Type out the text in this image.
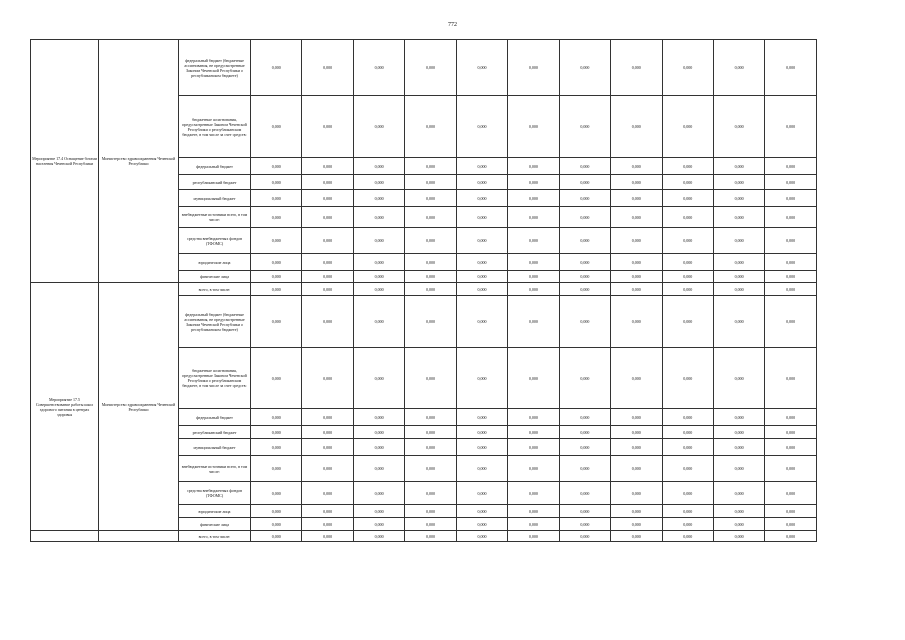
772
Мероприятие 17.4 Оснащение ботами населения Чеченской Республики	Министерство здравоохранения Чеченской Республики	федеральный бюджет (бюджетные ассигнования, не предусмотренные Законом Чеченской Республики о республиканском бюджете)	0,000	0,000	0,000	0,000	0,000	0,000	0,000	0,000	0,000	0,000	0,000
		бюджетные ассигнования, предусмотренные Законом Чеченской Республики о республиканском бюджете, в том числе за счет средств:	0,000	0,000	0,000	0,000	0,000	0,000	0,000	0,000	0,000	0,000	0,000
		федеральный бюджет	0,000	0,000	0,000	0,000	0,000	0,000	0,000	0,000	0,000	0,000	0,000
		республиканский бюджет	0,000	0,000	0,000	0,000	0,000	0,000	0,000	0,000	0,000	0,000	0,000
		муниципальный бюджет	0,000	0,000	0,000	0,000	0,000	0,000	0,000	0,000	0,000	0,000	0,000
		внебюджетные источники всего, в том числе:	0,000	0,000	0,000	0,000	0,000	0,000	0,000	0,000	0,000	0,000	0,000
		средства внебюджетных фондов (ТФОМС)	0,000	0,000	0,000	0,000	0,000	0,000	0,000	0,000	0,000	0,000	0,000
		юридические лица	0,000	0,000	0,000	0,000	0,000	0,000	0,000	0,000	0,000	0,000	0,000
		физические лица	0,000	0,000	0,000	0,000	0,000	0,000	0,000	0,000	0,000	0,000	0,000
Мероприятие 17.5 Совершенствование работы школ здорового питания в центрах здоровья	Министерство здравоохранения Чеченской Республики	всего, в том числе:	0,000	0,000	0,000	0,000	0,000	0,000	0,000	0,000	0,000	0,000	0,000
		федеральный бюджет (бюджетные ассигнования, не предусмотренные Законом Чеченской Республики о республиканском бюджете)	0,000	0,000	0,000	0,000	0,000	0,000	0,000	0,000	0,000	0,000	0,000
		бюджетные ассигнования, предусмотренные Законом Чеченской Республики о республиканском бюджете, в том числе за счет средств:	0,000	0,000	0,000	0,000	0,000	0,000	0,000	0,000	0,000	0,000	0,000
		федеральный бюджет	0,000	0,000	0,000	0,000	0,000	0,000	0,000	0,000	0,000	0,000	0,000
		республиканский бюджет	0,000	0,000	0,000	0,000	0,000	0,000	0,000	0,000	0,000	0,000	0,000
		муниципальный бюджет	0,000	0,000	0,000	0,000	0,000	0,000	0,000	0,000	0,000	0,000	0,000
		внебюджетные источники всего, в том числе:	0,000	0,000	0,000	0,000	0,000	0,000	0,000	0,000	0,000	0,000	0,000
		средства внебюджетных фондов (ТФОМС)	0,000	0,000	0,000	0,000	0,000	0,000	0,000	0,000	0,000	0,000	0,000
		юридические лица	0,000	0,000	0,000	0,000	0,000	0,000	0,000	0,000	0,000	0,000	0,000
		физические лица	0,000	0,000	0,000	0,000	0,000	0,000	0,000	0,000	0,000	0,000	0,000
		всего, в том числе:	0,000	0,000	0,000	0,000	0,000	0,000	0,000	0,000	0,000	0,000	0,000
